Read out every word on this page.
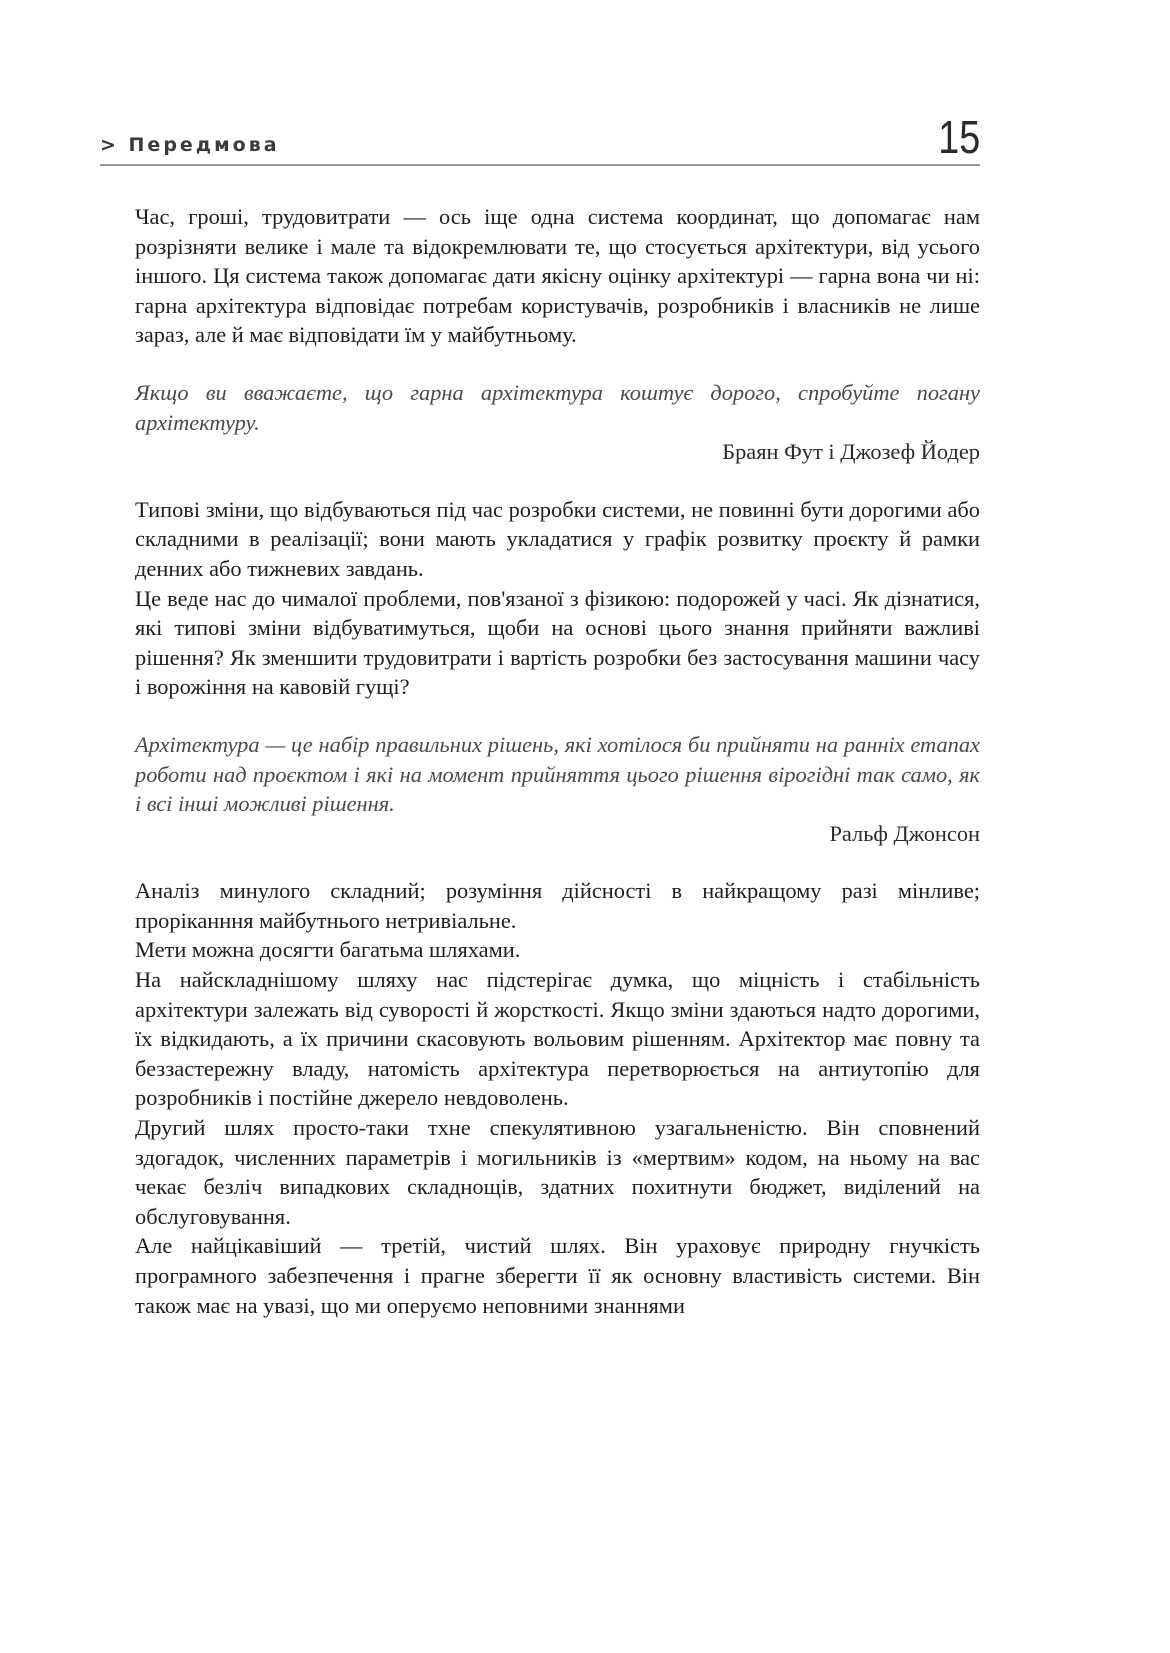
> Передмова	15

Час, гроші, трудовитрати — ось іще одна система координат, що допомагає нам розрізняти велике і мале та відокремлювати те, що стосується архітектури, від усього іншого. Ця система також допомагає дати якісну оцінку архітектурі — гарна вона чи ні: гарна архітектура відповідає потребам користувачів, розробників і власників не лише зараз, але й має відповідати їм у майбутньому.

Якщо ви вважаєте, що гарна архітектура коштує дорого, спробуйте погану архітектуру.

Браян Фут і Джозеф Йодер

Типові зміни, що відбуваються під час розробки системи, не повинні бути дорогими або складними в реалізації; вони мають укладатися у графік розвитку проєкту й рамки денних або тижневих завдань.

Це веде нас до чималої проблеми, пов'язаної з фізикою: подорожей у часі. Як дізнатися, які типові зміни відбуватимуться, щоби на основі цього знання прийняти важливі рішення? Як зменшити трудовитрати і вартість розробки без застосування машини часу і ворожіння на кавовій гущі?

Архітектура — це набір правильних рішень, які хотілося би прийняти на ранніх етапах роботи над проєктом і які на момент прийняття цього рішення вірогідні так само, як і всі інші можливі рішення.

Ральф Джонсон

Аналіз минулого складний; розуміння дійсності в найкращому разі мінливе; проріканння майбутнього нетривіальне.

Мети можна досягти багатьма шляхами.

На найскладнішому шляху нас підстерігає думка, що міцність і стабільність архітектури залежать від суворості й жорсткості. Якщо зміни здаються надто дорогими, їх відкидають, а їх причини скасовують вольовим рішенням. Архітектор має повну та беззастережну владу, натомість архітектура перетворюється на антиутопію для розробників і постійне джерело невдоволень.

Другий шлях просто-таки тхне спекулятивною узагальненістю. Він сповнений здогадок, численних параметрів і могильників із «мертвим» кодом, на ньому на вас чекає безліч випадкових складнощів, здатних похитнути бюджет, виділений на обслуговування.

Але найцікавіший — третій, чистий шлях. Він ураховує природну гнучкість програмного забезпечення і прагне зберегти її як основну властивість системи. Він також має на увазі, що ми оперуємо неповними знаннями
